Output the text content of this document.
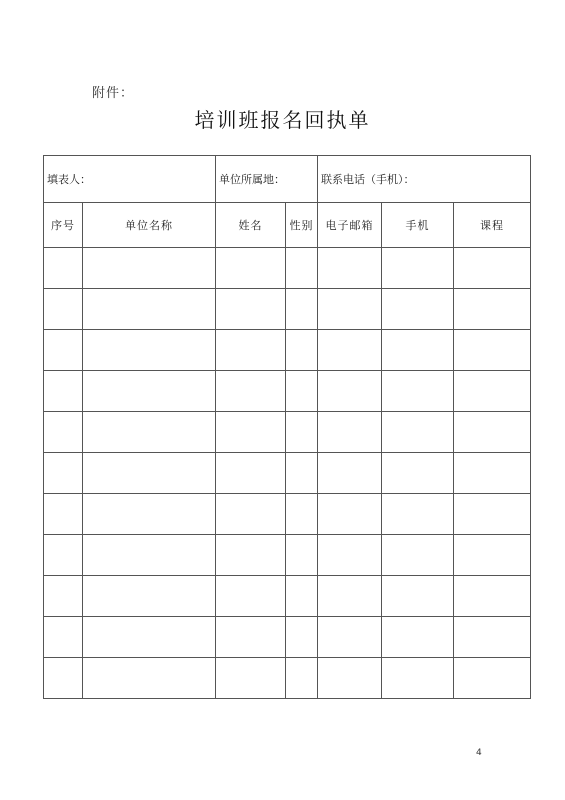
附件：
培训班报名回执单
填表人：		单位所属地：		联系电话（手机）：		
序号	单位名称	姓名	性别	电子邮箱	手机	课程

4
